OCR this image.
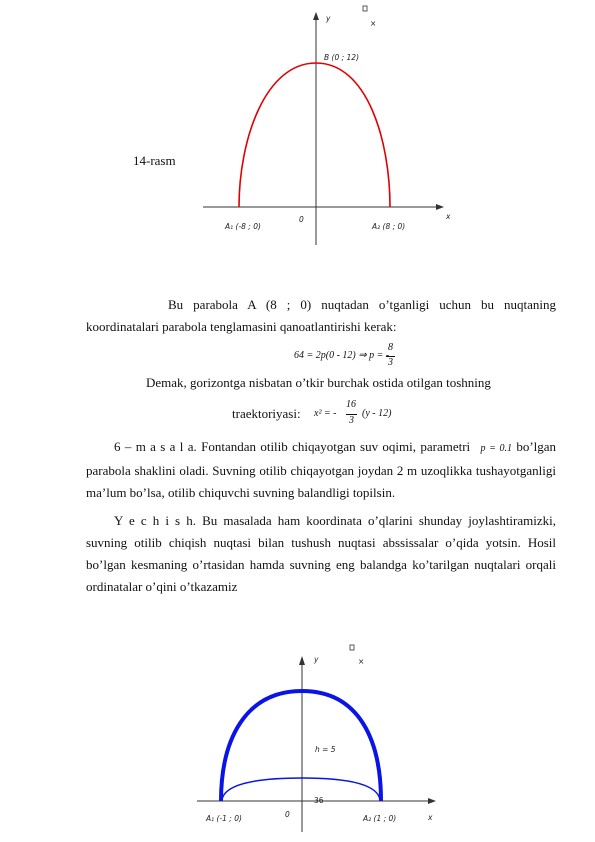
×
y
x
0
B (0 ; 12)
A₁ (-8 ; 0)	A₂ (8 ; 0)
14-rasm
Bu parabola A (8 ; 0) nuqtadan o’tganligi uchun bu nuqtaning koordinatalari parabola tenglamasini qanoatlantirishi kerak:
64 = 2p(0 - 12) ⇒ p = -
8
3
Demak, gorizontga nisbatan o’tkir burchak ostida otilgan toshning
traektoriyasi: x² = -
16
3
(y - 12)
6 – m a s a l a. Fontandan otilib chiqayotgan suv oqimi, parametri p = 0.1 bo’lgan parabola shaklini oladi. Suvning otilib chiqayotgan joydan 2 m uzoqlikka tushayotganligi ma’lum bo’lsa, otilib chiquvchi suvning balandligi topilsin.
Y e c h i s h. Bu masalada ham koordinata o’qlarini shunday joylashtiramizki, suvning otilib chiqish nuqtasi bilan tushush nuqtasi abssissalar o’qida yotsin. Hosil bo’lgan kesmaning o’rtasidan hamda suvning eng balandga ko’tarilgan nuqtalari orqali ordinatalar o’qini o’tkazamiz
×
y
x
0
h = 5
36
A₁ (-1 ; 0)	A₂ (1 ; 0)
